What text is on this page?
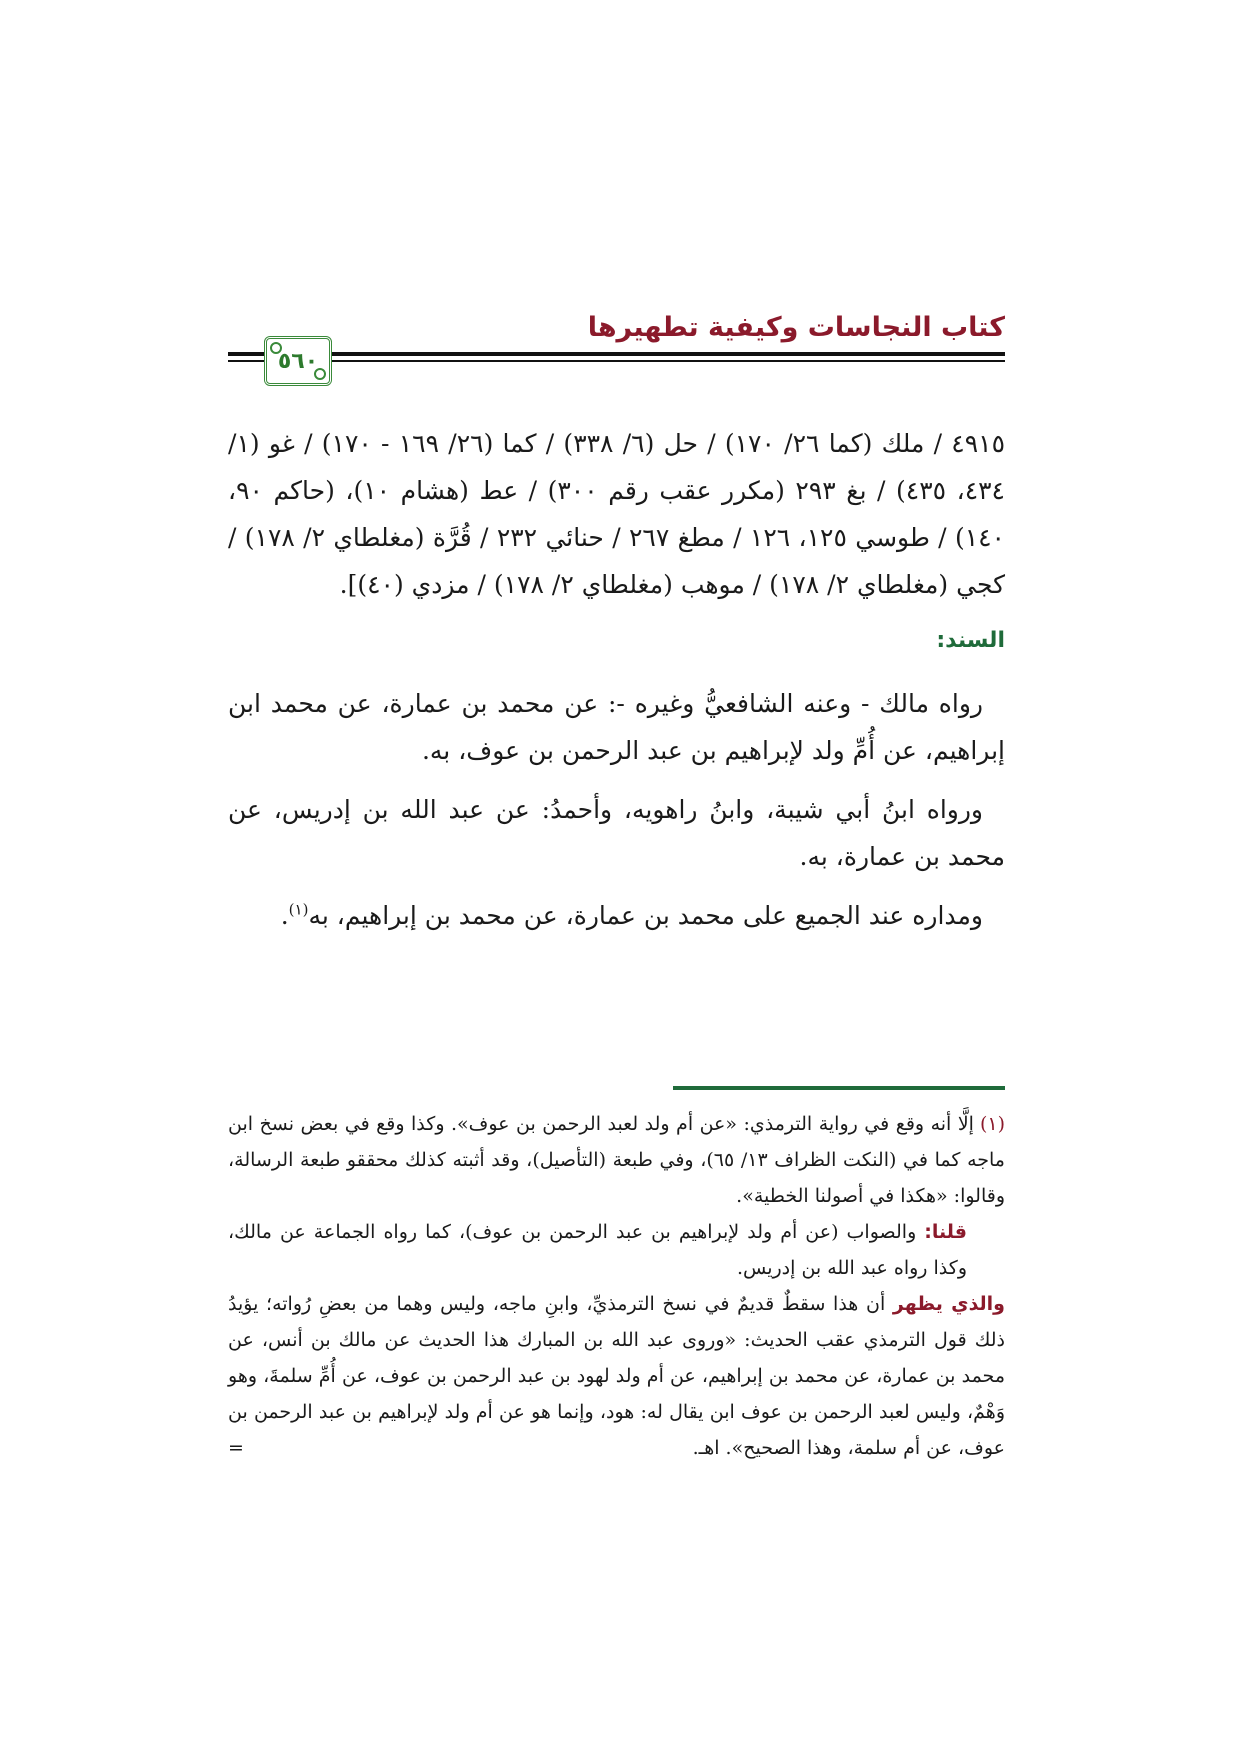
كتاب النجاسات وكيفية تطهيرها
٥٦٠

٤٩١٥ / ملك (كما ٢٦/ ١٧٠) / حل (٦/ ٣٣٨) / كما (٢٦/ ١٦٩ - ١٧٠) / غو (١/ ٤٣٤، ٤٣٥) / بغ ٢٩٣ (مكرر عقب رقم ٣٠٠) / عط (هشام ١٠)، (حاكم ٩٠، ١٤٠) / طوسي ١٢٥، ١٢٦ / مطغ ٢٦٧ / حنائي ٢٣٢ / قُرَّة (مغلطاي ٢/ ١٧٨) / كجي (مغلطاي ٢/ ١٧٨) / موهب (مغلطاي ٢/ ١٧٨) / مزدي (٤٠)].

السند:

رواه مالك - وعنه الشافعيُّ وغيره -: عن محمد بن عمارة، عن محمد ابن إبراهيم، عن أُمِّ ولد لإبراهيم بن عبد الرحمن بن عوف، به.

ورواه ابنُ أبي شيبة، وابنُ راهويه، وأحمدُ: عن عبد الله بن إدريس، عن محمد بن عمارة، به.

ومداره عند الجميع على محمد بن عمارة، عن محمد بن إبراهيم، به$^{(١)}$.

(١)إلَّا أنه وقع في رواية الترمذي: «عن أم ولد لعبد الرحمن بن عوف». وكذا وقع في بعض نسخ ابن ماجه كما في (النكت الظراف ١٣/ ٦٥)، وفي طبعة (التأصيل)، وقد أثبته كذلك محققو طبعة الرسالة، وقالوا: «هكذا في أصولنا الخطية».

قلنا: والصواب (عن أم ولد لإبراهيم بن عبد الرحمن بن عوف)، كما رواه الجماعة عن مالك، وكذا رواه عبد الله بن إدريس.

والذي يظهر أن هذا سقطٌ قديمٌ في نسخ الترمذيِّ، وابنِ ماجه، وليس وهما من بعضِ رُواته؛ يؤيدُ ذلك قول الترمذي عقب الحديث: «وروى عبد الله بن المبارك هذا الحديث عن مالك بن أنس، عن محمد بن عمارة، عن محمد بن إبراهيم، عن أم ولد لهود بن عبد الرحمن بن عوف، عن أُمِّ سلمةَ، وهو وَهْمٌ، وليس لعبد الرحمن بن عوف ابن يقال له: هود، وإنما هو عن أم ولد لإبراهيم بن عبد الرحمن بن عوف، عن أم سلمة، وهذا الصحيح». اهـ.
=
